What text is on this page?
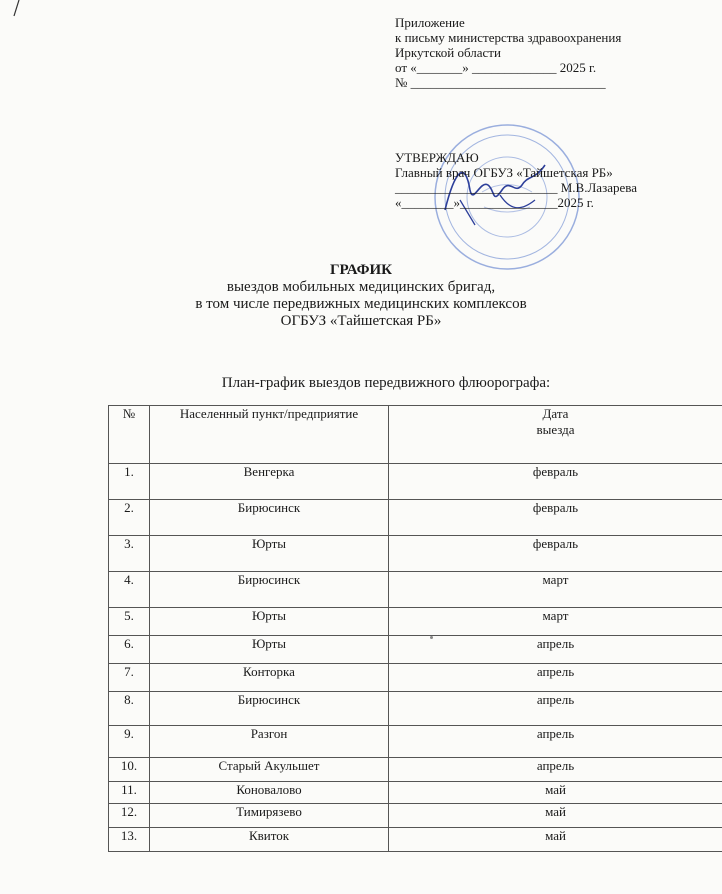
Приложение
к письму министерства здравоохранения
Иркутской области
от «_______» _____________ 2025 г.
№ ______________________________
УТВЕРЖДАЮ
Главный врач ОГБУЗ «Тайшетская РБ»
_________________________ М.В.Лазарева
«________»_______________2025 г.
ГРАФИК
выездов мобильных медицинских бригад,
в том числе передвижных медицинских комплексов
ОГБУЗ «Тайшетская РБ»
План-график выездов передвижного флюорографа:
№	Населенный пункт/предприятие	Дата
выезда

1.	Венгерка	февраль
2.	Бирюсинск	февраль
3.	Юрты	февраль
4.	Бирюсинск	март
5.	Юрты	март
6.	Юрты	апрель
7.	Конторка	апрель
8.	Бирюсинск	апрель
9.	Разгон	апрель
10.	Старый Акульшет	апрель
11.	Коновалово	май
12.	Тимирязево	май
13.	Квиток	май
